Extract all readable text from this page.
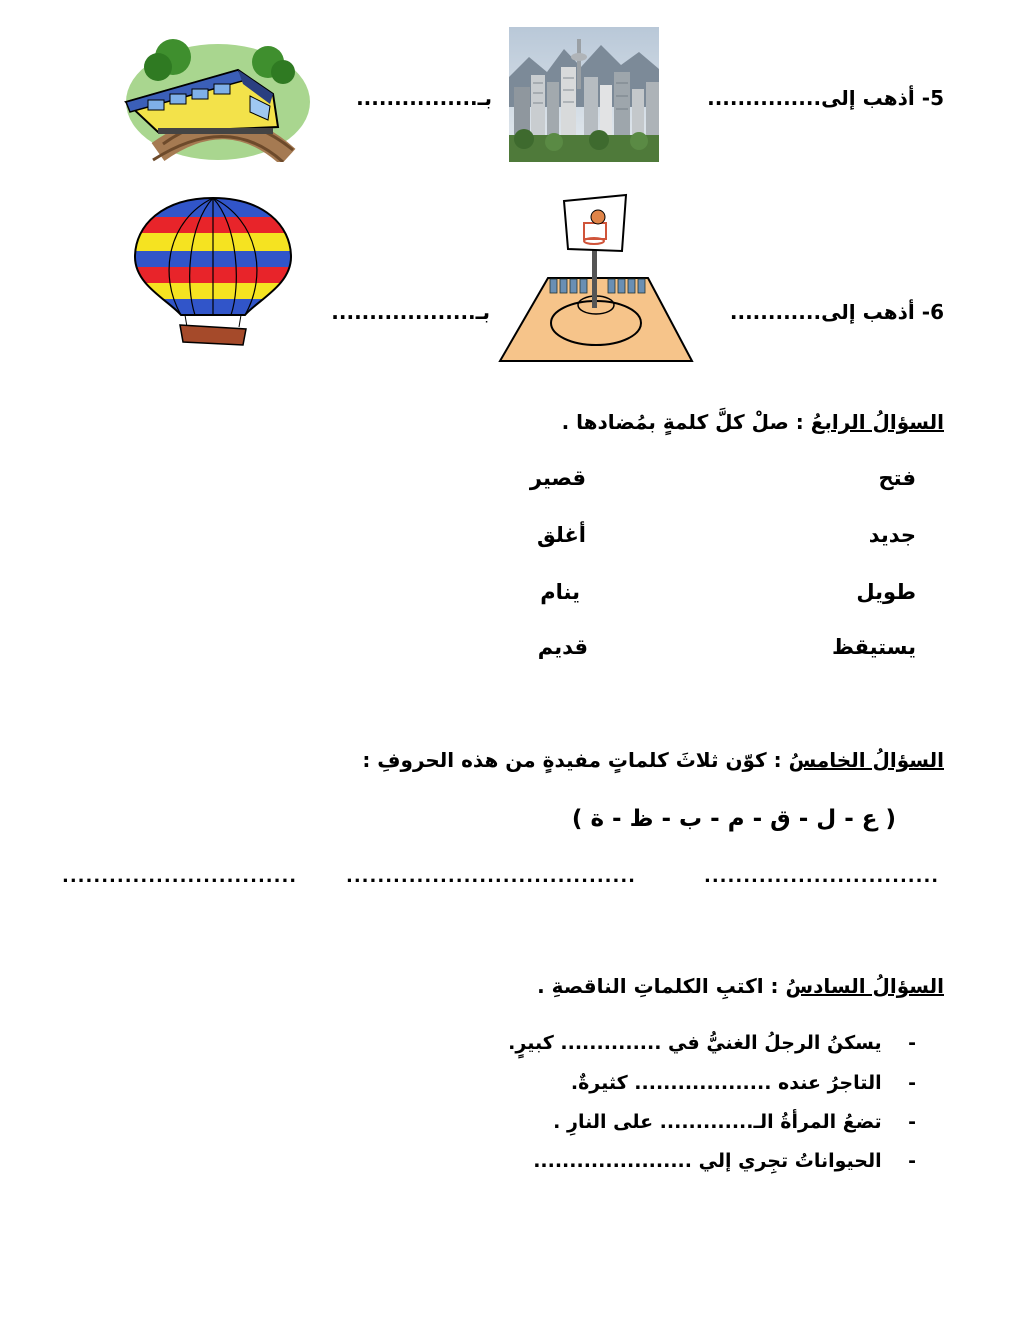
5- أذهب إلى...............
بـ................
6- أذهب إلى............
بـ...................
السؤالُ الرابعُ : صلْ كلَّ كلمةٍ بمُضادها .
فتح
جديد
طويل
يستيقظ
قصير
أغلق
ينام
قديم
السؤالُ الخامسُ : كوّن ثلاثَ كلماتٍ مفيدةٍ من هذه الحروفِ :
( ع - ل - ق - م - ب - ظ - ة )
..............................
.....................................
..............................
السؤالُ السادسُ : اكتبِ الكلماتِ الناقصةِ .
-    يسكنُ الرجلُ الغنيُّ في .............. كبيرٍ.
-    التاجرُ عنده ................... كثيرةٌ.
-    تضعُ المرأةُ الـ............. على النارِ .
-    الحيواناتُ تجِري إلي ......................
